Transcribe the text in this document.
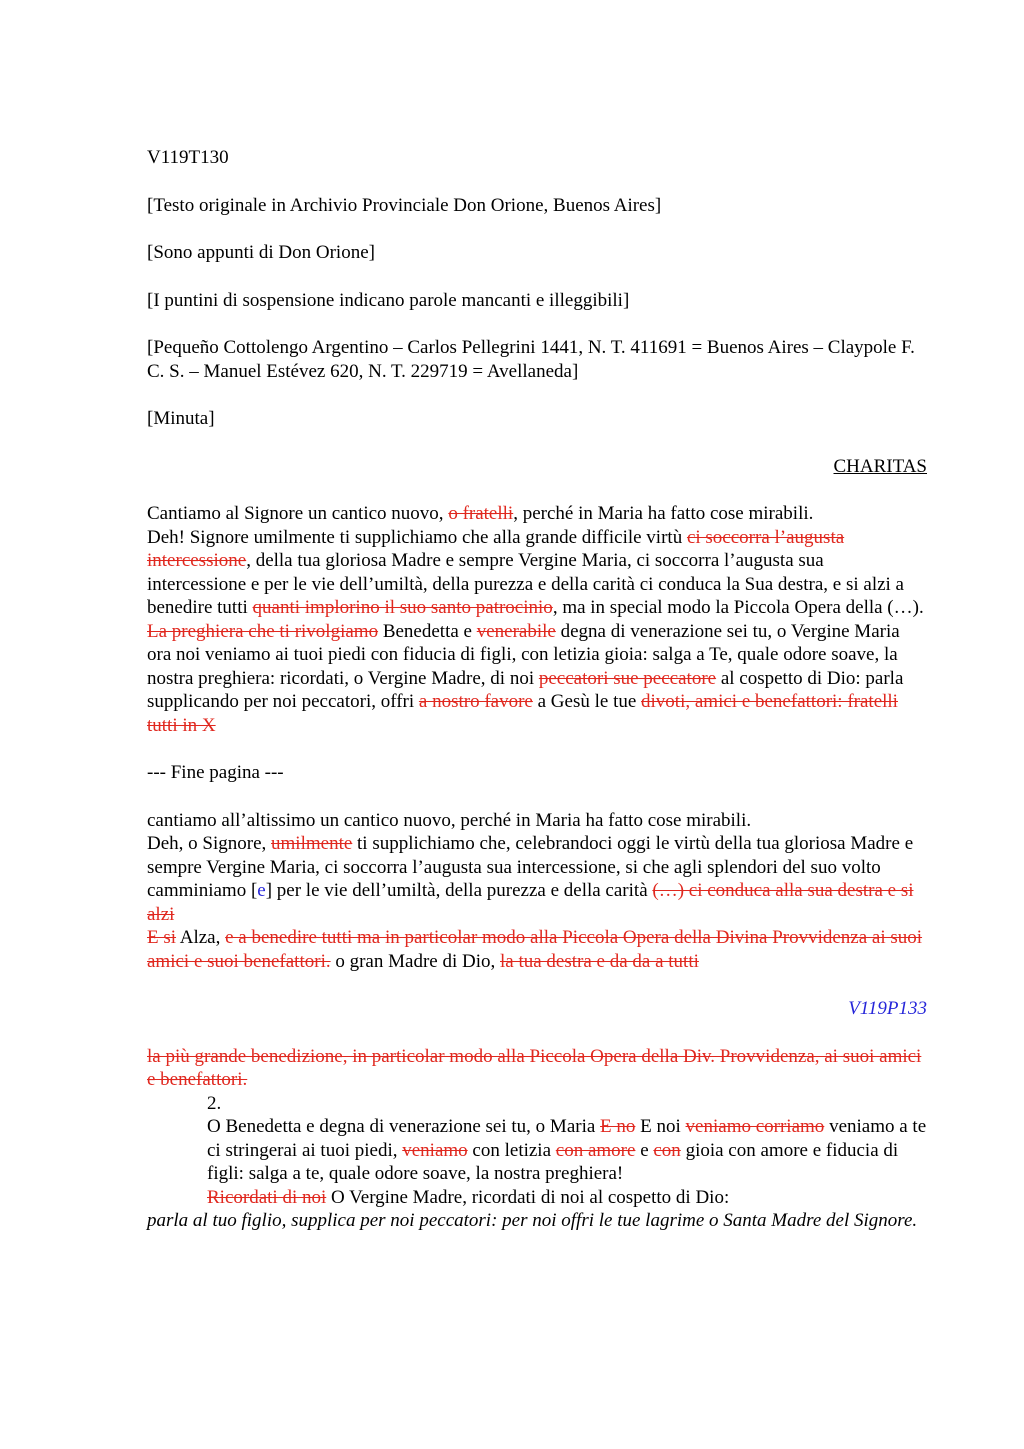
V119T130

[Testo originale in Archivio Provinciale Don Orione, Buenos Aires]

[Sono appunti di Don Orione]

[I puntini di sospensione indicano parole mancanti e illeggibili]

[Pequeño Cottolengo Argentino – Carlos Pellegrini 1441, N. T. 411691 = Buenos Aires – Claypole F. C. S. – Manuel Estévez 620, N. T. 229719 = Avellaneda]

[Minuta]

CHARITAS

Cantiamo al Signore un cantico nuovo, o fratelli, perché in Maria ha fatto cose mirabili.
Deh! Signore umilmente ti supplichiamo che alla grande difficile virtù ci soccorra l’augusta intercessione, della tua gloriosa Madre e sempre Vergine Maria, ci soccorra l’augusta sua intercessione e per le vie dell’umiltà, della purezza e della carità ci conduca la Sua destra, e si alzi a benedire tutti quanti implorino il suo santo patrocinio, ma in special modo la Piccola Opera della (…).
La preghiera che ti rivolgiamo Benedetta e venerabile degna di venerazione sei tu, o Vergine Maria ora noi veniamo ai tuoi piedi con fiducia di figli, con letizia gioia: salga a Te, quale odore soave, la nostra preghiera: ricordati, o Vergine Madre, di noi peccatori sue peccatore al cospetto di Dio: parla supplicando per noi peccatori, offri a nostro favore a Gesù le tue divoti, amici e benefattori: fratelli tutti in X

--- Fine pagina ---

cantiamo all’altissimo un cantico nuovo, perché in Maria ha fatto cose mirabili.
Deh, o Signore, umilmente ti supplichiamo che, celebrandoci oggi le virtù della tua gloriosa Madre e sempre Vergine Maria, ci soccorra l’augusta sua intercessione, si che agli splendori del suo volto camminiamo [e] per le vie dell’umiltà, della purezza e della carità (…) ci conduca alla sua destra e si alzi
E si Alza, e a benedire tutti ma in particolar modo alla Piccola Opera della Divina Provvidenza ai suoi amici e suoi benefattori. o gran Madre di Dio, la tua destra e da da a tutti

V119P133

la più grande benedizione, in particolar modo alla Piccola Opera della Div. Provvidenza, ai suoi amici e benefattori.

2.

O Benedetta e degna di venerazione sei tu, o Maria E no E noi veniamo corriamo veniamo a te ci stringerai ai tuoi piedi, veniamo con letizia con amore e con gioia con amore e fiducia di figli: salga a te, quale odore soave, la nostra preghiera!

Ricordati di noi O Vergine Madre, ricordati di noi al cospetto di Dio:

parla al tuo figlio, supplica per noi peccatori: per noi offri le tue lagrime o Santa Madre del Signore.
